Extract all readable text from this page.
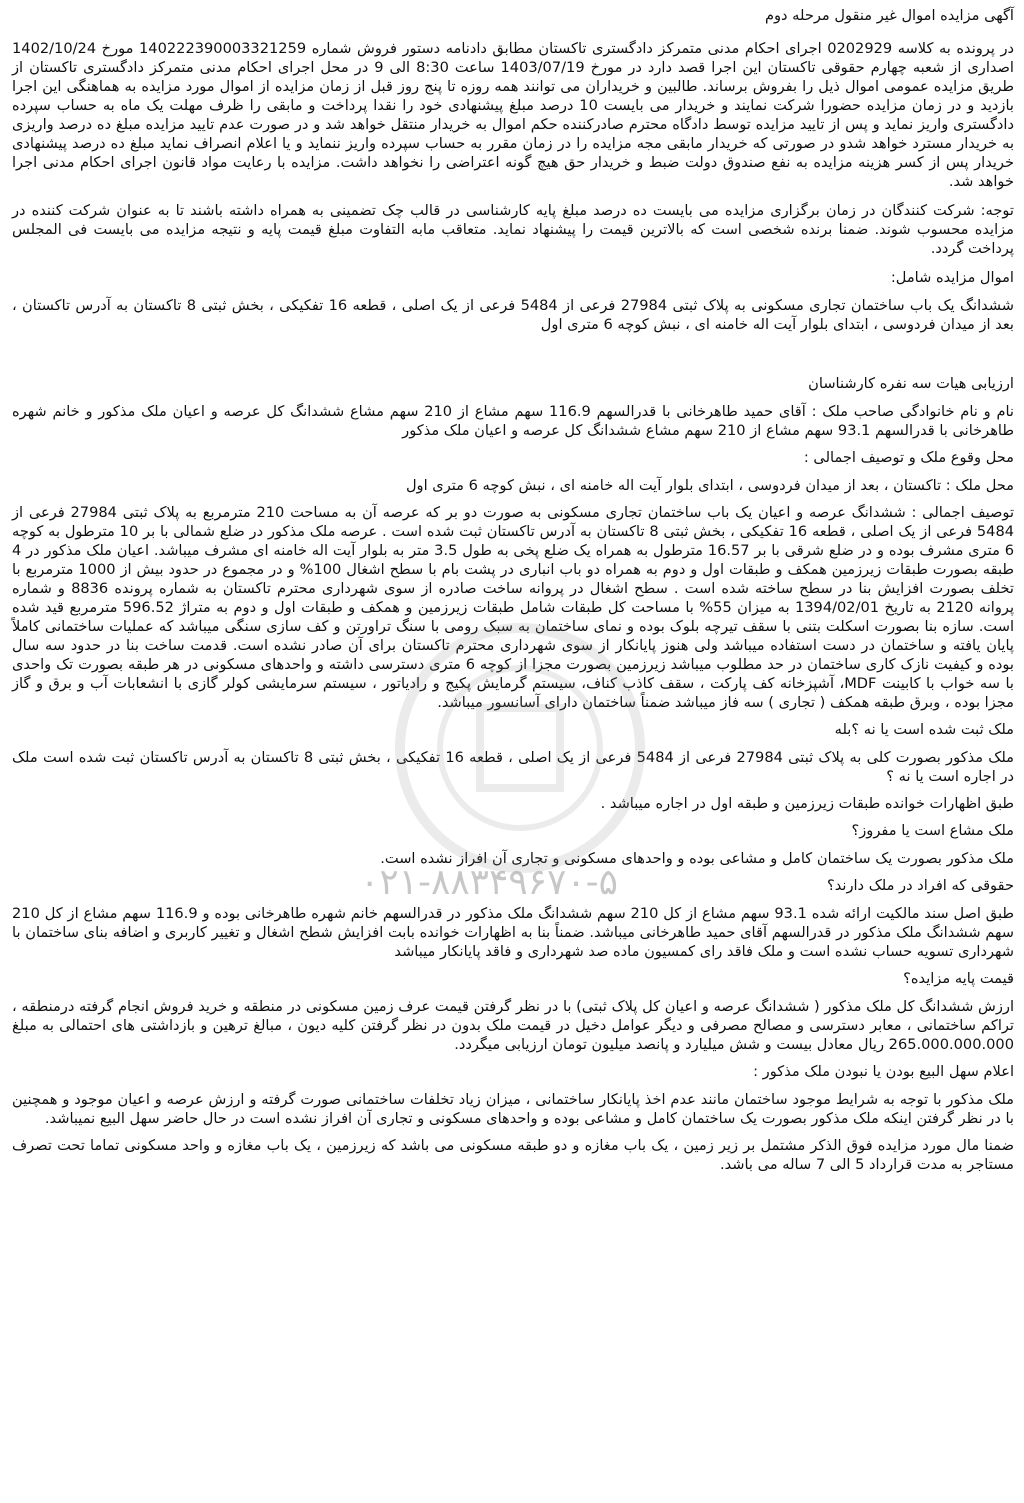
آگهی مزایده اموال غیر منقول مرحله دوم

در پرونده به کلاسه 0202929 اجرای احکام مدنی متمرکز دادگستری تاکستان مطابق دادنامه دستور فروش شماره 140222390003321259 مورخ 1402/10/24 اصداری از شعبه چهارم حقوقی تاکستان این اجرا قصد دارد در مورخ 1403/07/19 ساعت 8:30 الی 9 در محل اجرای احکام مدنی متمرکز دادگستری تاکستان از طریق مزایده عمومی اموال ذیل را بفروش برساند. طالبین و خریداران می توانند همه روزه تا پنج روز قبل از زمان مزایده از اموال مورد مزایده به هماهنگی این اجرا بازدید و در زمان مزایده حضورا شرکت نمایند و خریدار می بایست 10 درصد مبلغ پیشنهادی خود را نقدا پرداخت و مابقی را ظرف مهلت یک ماه به حساب سپرده دادگستری واریز نماید و پس از تایید مزایده توسط دادگاه محترم صادرکننده حکم اموال به خریدار منتقل خواهد شد و در صورت عدم تایید مزایده مبلغ ده درصد واریزی به خریدار مسترد خواهد شدو در صورتی که خریدار مابقی مجه مزایده را در زمان مقرر به حساب سپرده واریز ننماید و یا اعلام انصراف نماید مبلغ ده درصد پیشنهادی خریدار پس از کسر هزینه مزایده به نفع صندوق دولت ضبط و خریدار حق هیچ گونه اعتراضی را نخواهد داشت. مزایده با رعایت مواد قانون اجرای احکام مدنی اجرا خواهد شد.

توجه: شرکت کنندگان در زمان برگزاری مزایده می بایست ده درصد مبلغ پایه کارشناسی در قالب چک تضمینی به همراه داشته باشند تا به عنوان شرکت کننده در مزایده محسوب شوند. ضمنا برنده شخصی است که بالاترین قیمت را پیشنهاد نماید. متعاقب مابه التفاوت مبلغ قیمت پایه و نتیجه مزایده می بایست فی المجلس پرداخت گردد.

اموال مزایده شامل:

ششدانگ یک باب ساختمان تجاری مسکونی به پلاک ثبتی 27984 فرعی از 5484 فرعی از یک اصلی ، قطعه 16 تفکیکی ، بخش ثبتی 8 تاکستان به آدرس تاکستان ، بعد از میدان فردوسی ، ابتدای بلوار آیت اله خامنه ای ، نبش کوچه 6 متری اول

ارزیابی هیات سه نفره کارشناسان

نام و نام خانوادگی صاحب ملک : آقای حمید طاهرخانی با قدرالسهم 116.9 سهم مشاع از 210 سهم مشاع ششدانگ کل عرصه و اعیان ملک مذکور و خانم شهره طاهرخانی با قدرالسهم 93.1 سهم مشاع از 210 سهم مشاع ششدانگ کل عرصه و اعیان ملک مذکور

محل وقوع ملک و توصیف اجمالی :

محل ملک : تاکستان ، بعد از میدان فردوسی ، ابتدای بلوار آیت اله خامنه ای ، نبش کوچه 6 متری اول

توصیف اجمالی : ششدانگ عرصه و اعیان یک باب ساختمان تجاری مسکونی به صورت دو بر که عرصه آن به مساحت 210 مترمربع به پلاک ثبتی 27984 فرعی از 5484 فرعی از یک اصلی ، قطعه 16 تفکیکی ، بخش ثبتی 8 تاکستان به آدرس تاکستان ثبت شده است . عرصه ملک مذکور در ضلع شمالی با بر 10 مترطول به کوچه 6 متری مشرف بوده و در ضلع شرقی با بر 16.57 مترطول به همراه یک ضلع پخی به طول 3.5 متر به بلوار آیت اله خامنه ای مشرف میباشد. اعیان ملک مذکور در 4 طبقه بصورت طبقات زیرزمین همکف و طبقات اول و دوم به همراه دو باب انباری در پشت بام با سطح اشغال 100% و در مجموع در حدود بیش از 1000 مترمربع با تخلف بصورت افزایش بنا در سطح ساخته شده است . سطح اشغال در پروانه ساخت صادره از سوی شهرداری محترم تاکستان به شماره پرونده 8836 و شماره پروانه 2120 به تاریخ 1394/02/01 به میزان 55% با مساحت کل طبقات شامل طبقات زیرزمین و همکف و طبقات اول و دوم به متراژ 596.52 مترمربع قید شده است. سازه بنا بصورت اسکلت بتنی با سقف تیرچه بلوک بوده و نمای ساختمان به سبک رومی با سنگ تراورتن و کف سازی سنگی میباشد که عملیات ساختمانی کاملاً پایان یافته و ساختمان در دست استفاده میباشد ولی هنوز پایانکار از سوی شهرداری محترم تاکستان برای آن صادر نشده است. قدمت ساخت بنا در حدود سه سال بوده و کیفیت نازک کاری ساختمان در حد مطلوب میباشد زیرزمین بصورت مجزا از کوچه 6 متری دسترسی داشته و واحدهای مسکونی در هر طبقه بصورت تک واحدی با سه خواب با کابینت MDF، آشپزخانه کف پارکت ، سقف کاذب کناف، سیستم گرمایش پکیج و رادیاتور ، سیستم سرمایشی کولر گازی با انشعابات آب و برق و گاز مجزا بوده ، وبرق طبقه همکف ( تجاری ) سه فاز میباشد ضمناً ساختمان دارای آسانسور میباشد.

ملک ثبت شده است یا نه ؟بله

ملک مذکور بصورت کلی به پلاک ثبتی 27984 فرعی از 5484 فرعی از یک اصلی ، قطعه 16 تفکیکی ، بخش ثبتی 8 تاکستان به آدرس تاکستان ثبت شده است ملک در اجاره است یا نه ؟

طبق اظهارات خوانده طبقات زیرزمین و طبقه اول در اجاره میباشد .

ملک مشاع است یا مفروز؟

ملک مذکور بصورت یک ساختمان کامل و مشاعی بوده و واحدهای مسکونی و تجاری آن افراز نشده است.

حقوقی که افراد در ملک دارند؟

طبق اصل سند مالکیت ارائه شده 93.1 سهم مشاع از کل 210 سهم ششدانگ ملک مذکور در قدرالسهم خانم شهره طاهرخانی بوده و 116.9 سهم مشاع از کل 210 سهم ششدانگ ملک مذکور در قدرالسهم آقای حمید طاهرخانی میباشد. ضمناً بنا به اظهارات خوانده بابت افزایش شطح اشغال و تغییر کاربری و اضافه بنای ساختمان با شهرداری تسویه حساب نشده است و ملک فاقد رای کمسیون ماده صد شهرداری و فاقد پایانکار میباشد

قیمت پایه مزایده؟

ارزش ششدانگ کل ملک مذکور ( ششدانگ عرصه و اعیان کل پلاک ثبتی) با در نظر گرفتن قیمت عرف زمین مسکونی در منطقه و خرید فروش انجام گرفته درمنطقه ، تراکم ساختمانی ، معابر دسترسی و مصالح مصرفی و دیگر عوامل دخیل در قیمت ملک بدون در نظر گرفتن کلیه دیون ، مبالغ ترهین و بازداشتی های احتمالی به مبلغ 265.000.000.000 ریال معادل بیست و شش میلیارد و پانصد میلیون تومان ارزیابی میگردد.

اعلام سهل البیع بودن یا نبودن ملک مذکور :

ملک مذکور با توجه به شرایط موجود ساختمان مانند عدم اخذ پایانکار ساختمانی ، میزان زیاد تخلفات ساختمانی صورت گرفته و ارزش عرصه و اعیان موجود و همچنین با در نظر گرفتن اینکه ملک مذکور بصورت یک ساختمان کامل و مشاعی بوده و واحدهای مسکونی و تجاری آن افراز نشده است در حال حاضر سهل البیع نمیباشد.

ضمنا مال مورد مزایده فوق الذکر مشتمل بر زیر زمین ، یک باب مغازه و دو طبقه مسکونی می باشد که زیرزمین ، یک باب مغازه و واحد مسکونی تماما تحت تصرف مستاجر به مدت قرارداد 5 الی 7 ساله می باشد.

۰۲۱-۸۸۳۴۹۶۷۰-۵
